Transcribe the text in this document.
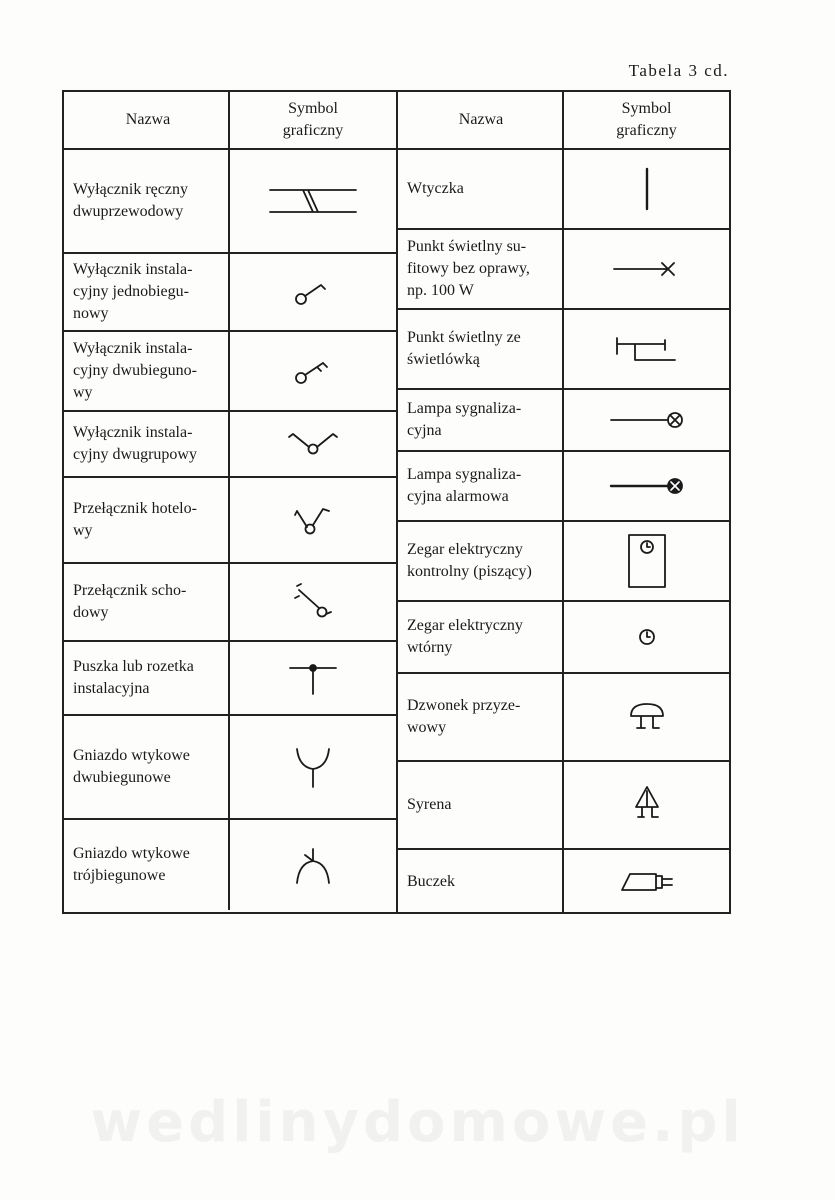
Tabela 3 cd.
Nazwa
Symbol
graficzny
Wyłącznik ręczny
dwuprzewodowy
Wyłącznik instala-
cyjny jednobiegu-
nowy
Wyłącznik instala-
cyjny dwubieguno-
wy
Wyłącznik instala-
cyjny dwugrupowy
Przełącznik hotelo-
wy
Przełącznik scho-
dowy
Puszka lub rozetka
instalacyjna
Gniazdo wtykowe
dwubiegunowe
Gniazdo wtykowe
trójbiegunowe
Nazwa
Symbol
graficzny
Wtyczka
Punkt świetlny su-
fitowy bez oprawy,
np. 100 W
Punkt świetlny ze
świetlówką
Lampa sygnaliza-
cyjna
Lampa sygnaliza-
cyjna alarmowa
Zegar elektryczny
kontrolny (piszący)
Zegar elektryczny
wtórny
Dzwonek przyze-
wowy
Syrena
Buczek
wedlinydomowe.pl
